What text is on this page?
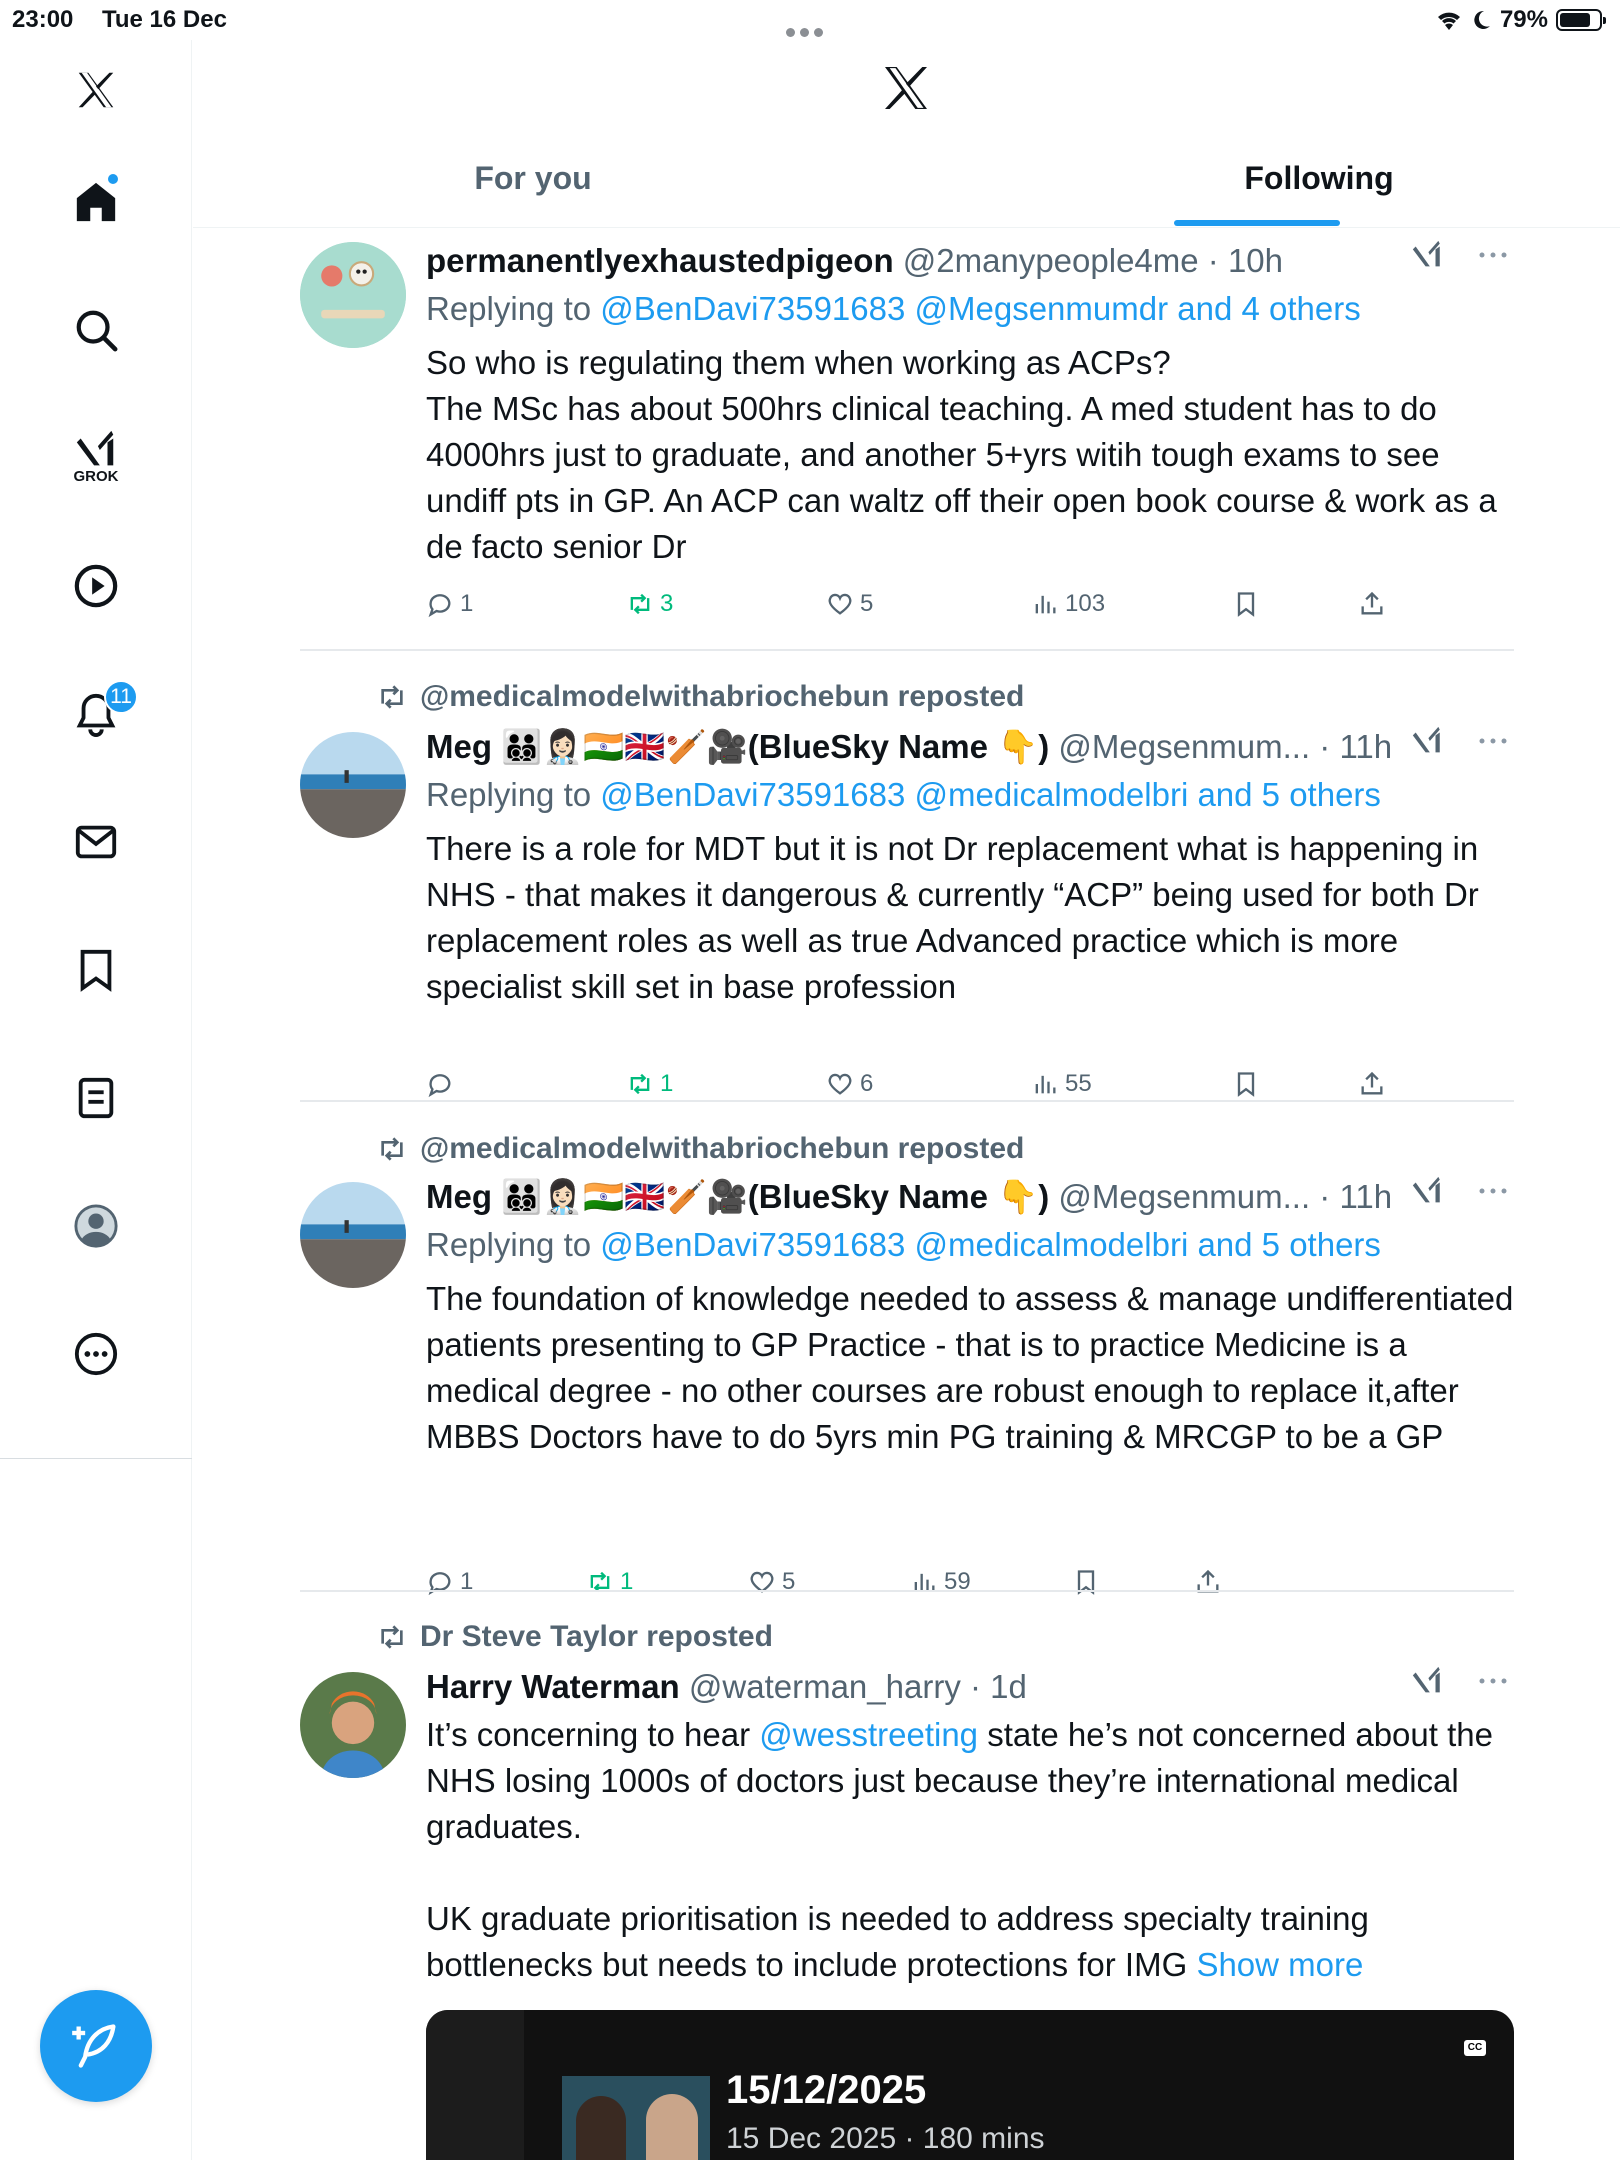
23:00 Tue 16 Dec	79%
GROK
11
For you	Following
permanentlyexhaustedpigeon @2manypeople4me · 10h
Replying to @BenDavi73591683 @Megsenmumdr and 4 others

So who is regulating them when working as ACPs?

The MSc has about 500hrs clinical teaching. A med student has to do 4000hrs just to graduate, and another 5+yrs witih tough exams to see undiff pts in GP. An ACP can waltz off their open book course & work as a de facto senior Dr

1	3	5	103
@medicalmodelwithabriochebun reposted
Meg 🧑‍🧑‍🧒‍🧒👩🏻‍⚕️🇮🇳🇬🇧🏏🎥(BlueSky Name 👇) @Megsenmum... · 11h
Replying to @BenDavi73591683 @medicalmodelbri and 5 others

There is a role for MDT but it is not Dr replacement what is happening in NHS - that makes it dangerous & currently “ACP” being used for both Dr replacement roles as well as true Advanced practice which is more specialist skill set in base profession

1	6	55
@medicalmodelwithabriochebun reposted
Meg 🧑‍🧑‍🧒‍🧒👩🏻‍⚕️🇮🇳🇬🇧🏏🎥(BlueSky Name 👇) @Megsenmum... · 11h
Replying to @BenDavi73591683 @medicalmodelbri and 5 others

The foundation of knowledge needed to assess & manage undifferentiated patients presenting to GP Practice - that is to practice Medicine is a medical degree - no other courses are robust enough to replace it,after MBBS Doctors have to do 5yrs min PG training & MRCGP to be a GP

1	1	5	59
Dr Steve Taylor reposted
Harry Waterman @waterman_harry · 1d

It’s concerning to hear @wesstreeting state he’s not concerned about the NHS losing 1000s of doctors just because they’re international medical graduates.

UK graduate prioritisation is needed to address specialty training bottlenecks but needs to include protections for IMG Show more

15/12/2025
15 Dec 2025 · 180 mins
CC
